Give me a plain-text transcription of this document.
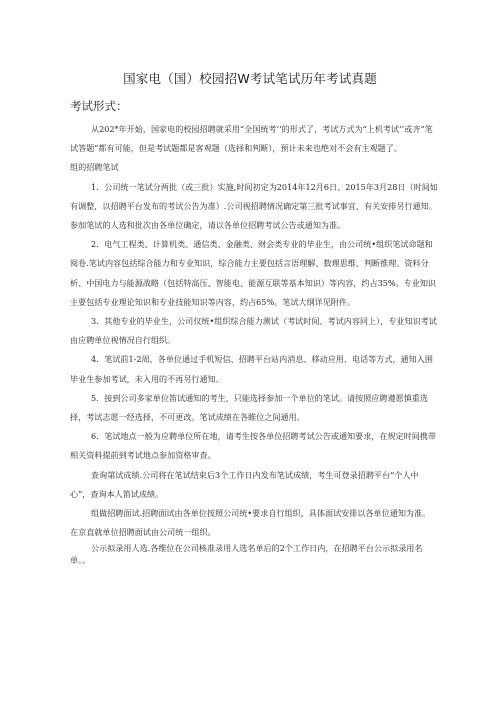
国家电（国）校园招W考试笔试历年考试真题
考试形式：

从202*年开始，国家电的校园招聘就采用“全国统考’’的形式了，考试方式为“上机考试’’或齐”笔试答题”都有可能，但是考试题都是客观题（选择和判断），预计未来也绝对不会有主观题了。

组的招聘笔试

1．公司统一笔试分两批（或三批）实施,时间初定为2014年12月6日、2015年3月28日（时间如有调整，以招聘平台发布的考试公告为准）.公司视招聘情况确定第三批考试事宜，有关安排另行通知。参加笔试的人选和批次由各单位确定，请以各单位招聘考试公告或通知为准。

2．电气工程类、计算机类、通信类、金融类、财会类专业的毕业生，由公司统•组织笔试命题和阅卷.笔试内容包括综合能力和专业知识，综合能力主要包括言语理解、数理思维、判断推理、资料分析、中国电力与能源战略（包括特高压、智能电、能源互联等基本知识）等内容，约占35%。专业知识主要包括专业理论知识和专业技能知识等内容，约占65%。笔试大纲详见附件。

3．其他专业的毕业生，公司仅统•组织综合能力测试（考试时间、考试内容同上），专业知识考试由应聘单位视情况自行组织。

4．笔试前1-2周，各单位通过手机短信、招聘平台站内消息、移动应用、电话等方式，通知入围毕业生参加考试，未入用的不再另行通知。

5．接到公司多家单位笛试通知的考生，只能选择参加一个单位的笔试。请按照应聘遵愿慎重选择，考试志愿一经选择，不可更改。笔试成绩在各睢位之间通用。

6．笔试地点一般为应聘单位所在地，请考生按各单位招聘考试公告或通知要求，在规定时间携带相关资料提前到考试地点参加资格审查。

查询第试成绩.公司将在笔试结束后3个工作日内发布笔试成绩，考生可登录招聘平台“个人中心”，查询本人笛试成绩。

组做招聘面试.招聘面试由各单位按照公司统•要求自行组织，具体面试安排以各单位通知为准。在京直就单位招聘面试由公司统一组织。

公示拟录用人选.各维位在公司核准录用人选名单后的2个工作日内，在招聘平台公示拟录用名单。。
